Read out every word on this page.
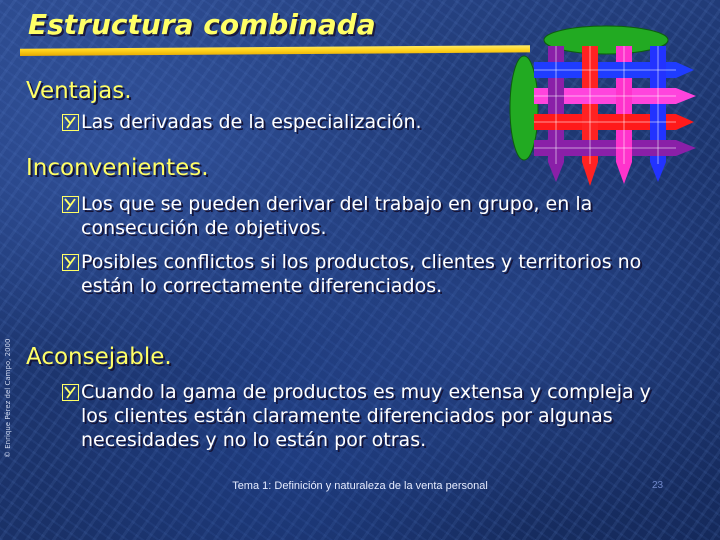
Estructura combinada
Ventajas.
Las derivadas de la especialización.
Inconvenientes.
Los que se pueden derivar del trabajo en grupo, en la consecución de objetivos.
Posibles conflictos si los productos, clientes y territorios no están lo correctamente diferenciados.
Aconsejable.
Cuando la gama de productos es muy extensa y compleja y los clientes están claramente diferenciados por algunas necesidades y no lo están por otras.
© Enrique Pérez del Campo, 2000
Tema 1: Definición y naturaleza de la venta personal	23
